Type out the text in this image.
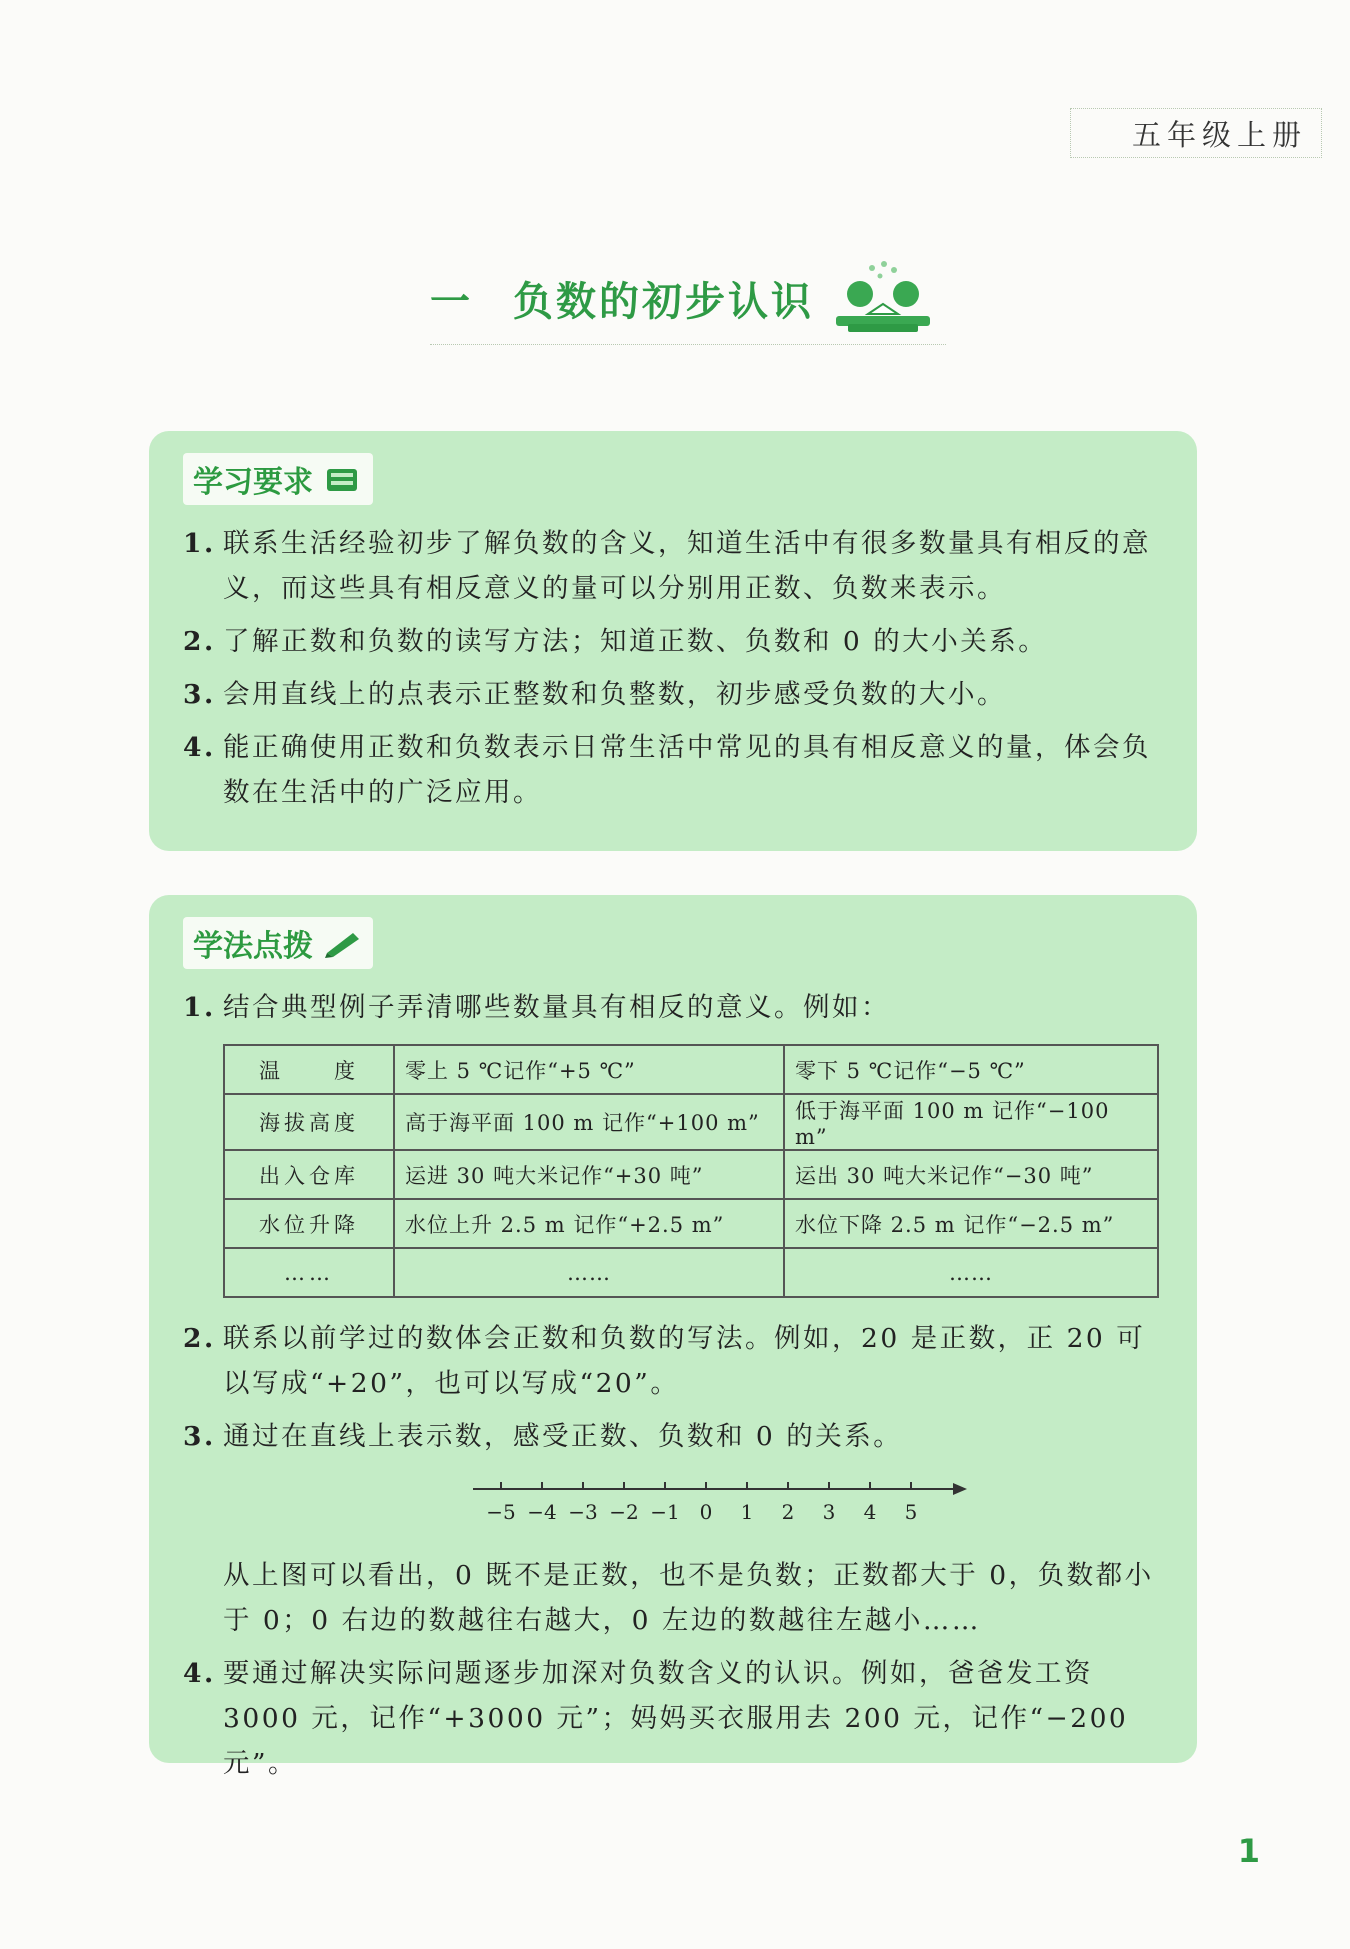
五年级上册
一 负数的初步认识
学习要求
1. 联系生活经验初步了解负数的含义，知道生活中有很多数量具有相反的意义，而这些具有相反意义的量可以分别用正数、负数来表示。
2. 了解正数和负数的读写方法；知道正数、负数和 0 的大小关系。
3. 会用直线上的点表示正整数和负整数，初步感受负数的大小。
4. 能正确使用正数和负数表示日常生活中常见的具有相反意义的量，体会负数在生活中的广泛应用。
学法点拨
1. 结合典型例子弄清哪些数量具有相反的意义。例如：
温　　度	零上 5 ℃记作“+5 ℃”	零下 5 ℃记作“−5 ℃”
海拔高度	高于海平面 100 m 记作“+100 m”	低于海平面 100 m 记作“−100 m”
出入仓库	运进 30 吨大米记作“+30 吨”	运出 30 吨大米记作“−30 吨”
水位升降	水位上升 2.5 m 记作“+2.5 m”	水位下降 2.5 m 记作“−2.5 m”
……	……	……
2. 联系以前学过的数体会正数和负数的写法。例如，20 是正数，正 20 可以写成“+20”，也可以写成“20”。
3. 通过在直线上表示数，感受正数、负数和 0 的关系。
−5 −4 −3 −2 −1 0 1 2 3 4 5
从上图可以看出，0 既不是正数，也不是负数；正数都大于 0，负数都小于 0；0 右边的数越往右越大，0 左边的数越往左越小……
4. 要通过解决实际问题逐步加深对负数含义的认识。例如，爸爸发工资 3000 元，记作“+3000 元”；妈妈买衣服用去 200 元，记作“−200 元”。
1
